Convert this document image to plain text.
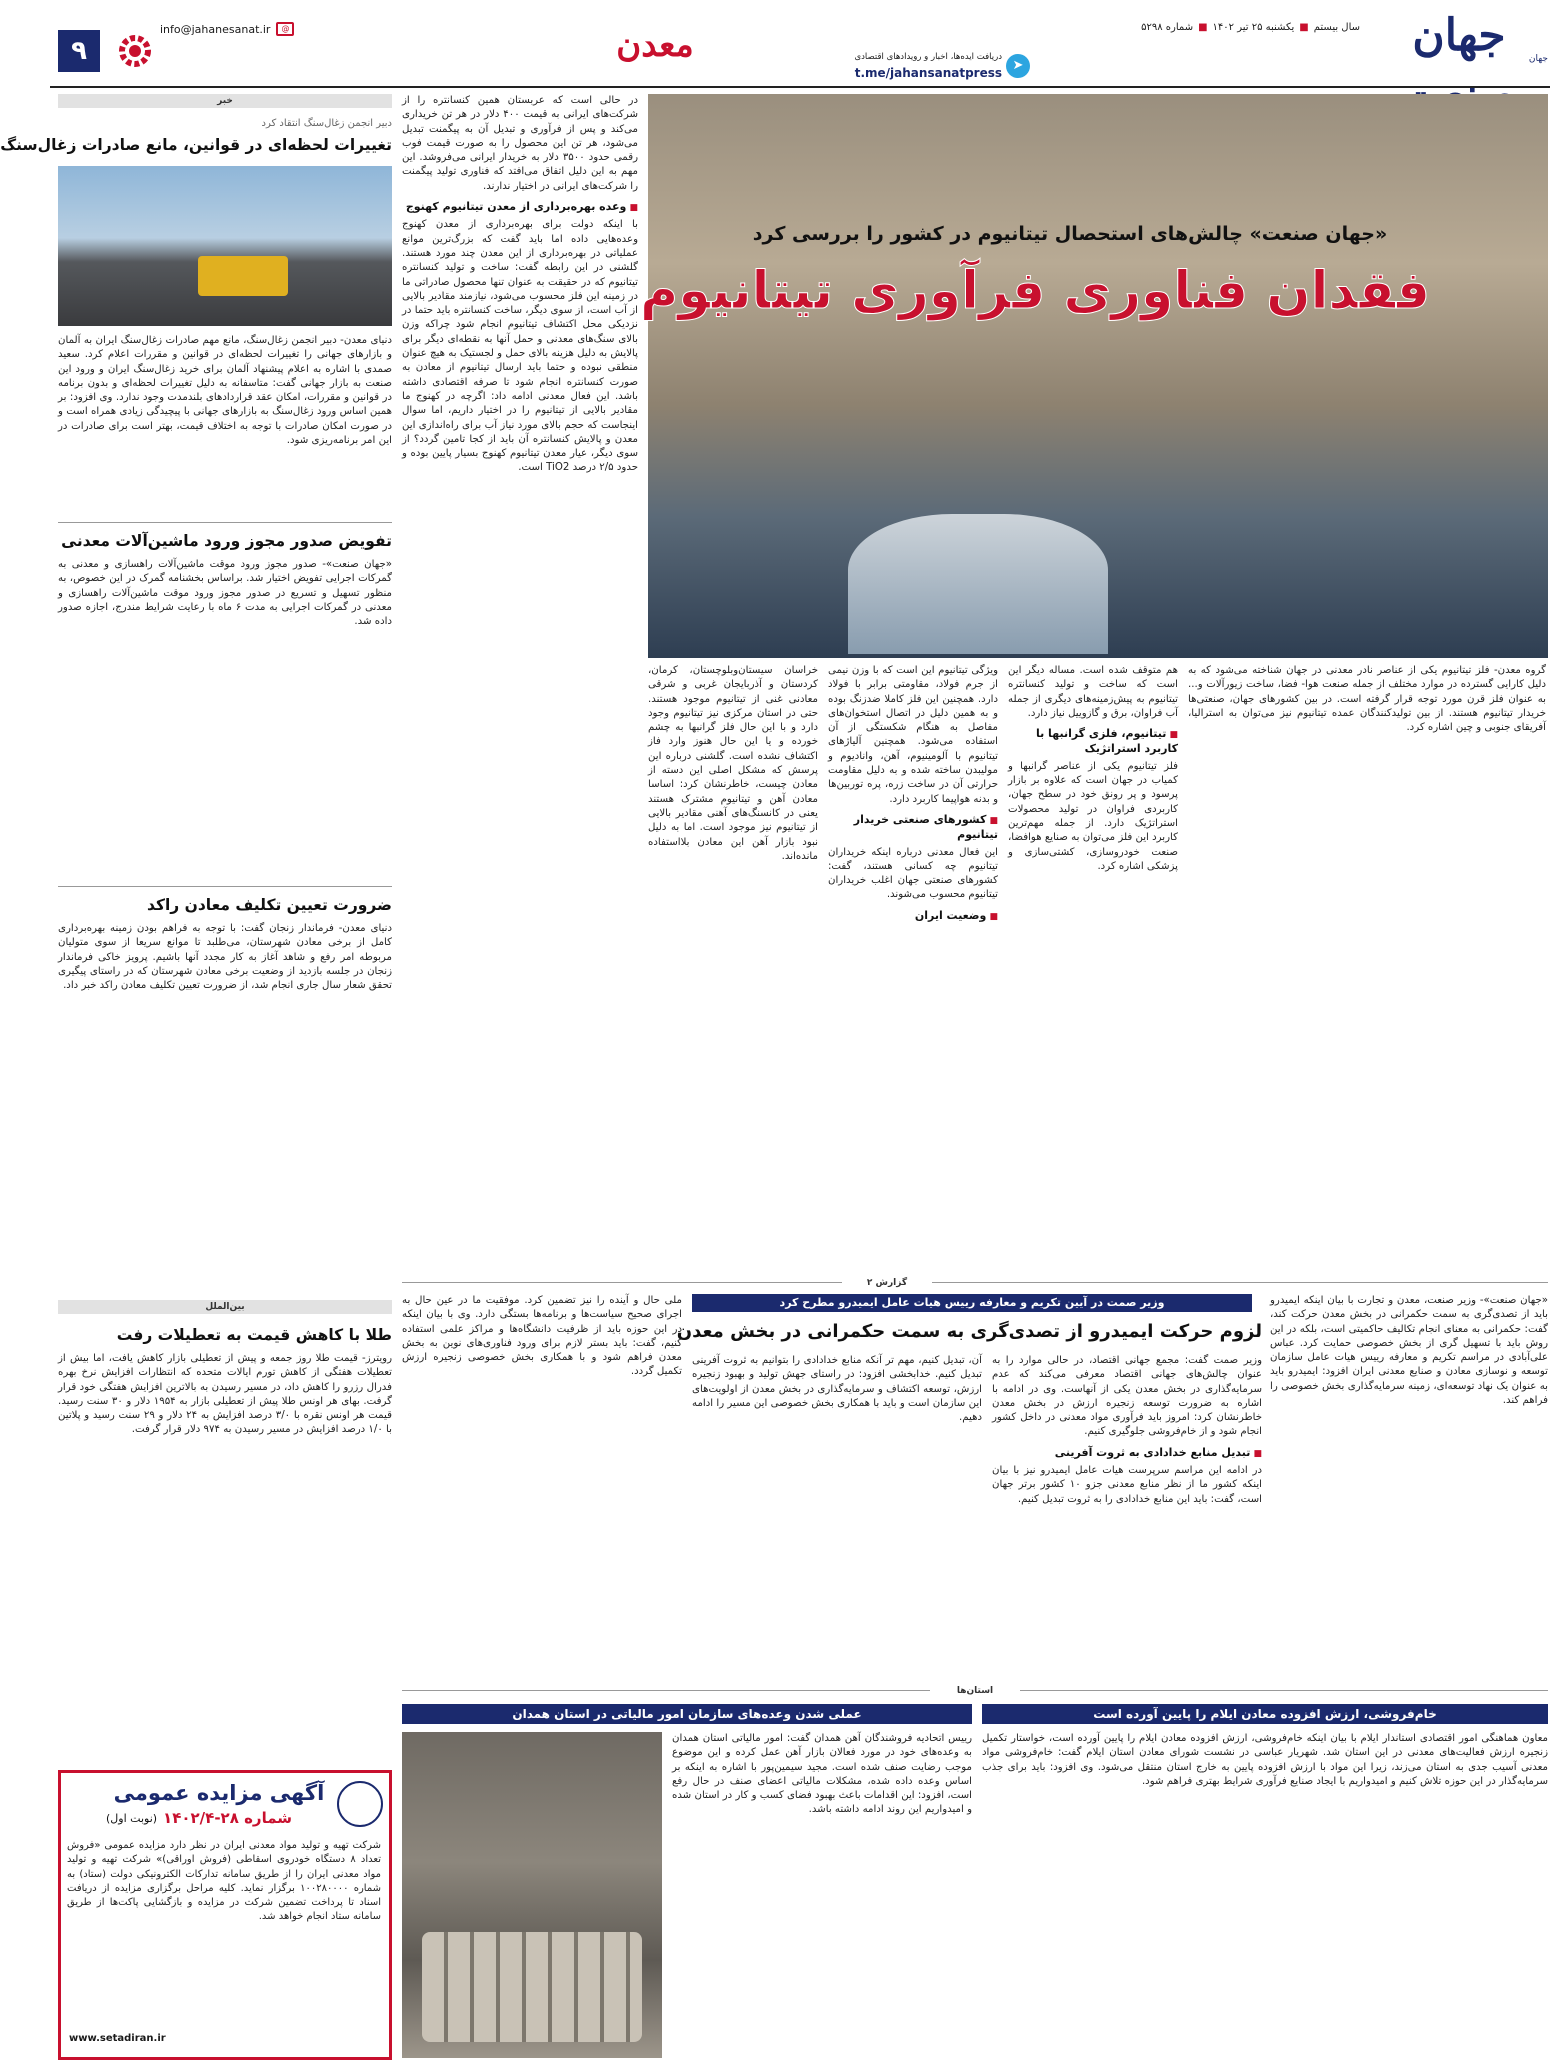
جهان	جهان
سال بیستم
■
یکشنبه ۲۵ تیر ۱۴۰۲
■
شماره ۵۲۹۸
➤
دریافت ایده‌ها، اخبار و رویدادهای اقتصادی
t.me/jahansanatpress
معدن
info@jahanesanat.ir	@
۹
«جهان صنعت» چالش‌های استحصال تیتانیوم در کشور را بررسی کرد
فقدان فناوری فرآوری تیتانیوم

در حالی است که عربستان همین کنسانتره را از شرکت‌های ایرانی به قیمت ۴۰۰ دلار در هر تن خریداری می‌کند و پس از فرآوری و تبدیل آن به پیگمنت تبدیل می‌شود، هر تن این محصول را به صورت قیمت فوب رقمی حدود ۳۵۰۰ دلار به خریدار ایرانی می‌فروشد. این مهم به این دلیل اتفاق می‌افتد که فناوری تولید پیگمنت را شرکت‌های ایرانی در اختیار ندارند.

■ وعده بهره‌برداری از معدن تیتانیوم کهنوج

با اینکه دولت برای بهره‌برداری از معدن کهنوج وعده‌هایی داده اما باید گفت که بزرگ‌ترین موانع عملیاتی در بهره‌برداری از این معدن چند مورد هستند. گلشنی در این رابطه گفت: ساخت و تولید کنسانتره تیتانیوم که در حقیقت به عنوان تنها محصول صادراتی ما در زمینه این فلز محسوب می‌شود، نیازمند مقادیر بالایی از آب است، از سوی دیگر، ساخت کنسانتره باید حتما در نزدیکی محل اکتشاف تیتانیوم انجام شود چراکه وزن بالای سنگ‌های معدنی و حمل آنها به نقطه‌ای دیگر برای پالایش به دلیل هزینه بالای حمل و لجستیک به هیچ عنوان منطقی نبوده و حتما باید ارسال تیتانیوم از معادن به صورت کنسانتره انجام شود تا صرفه اقتصادی داشته باشد. این فعال معدنی ادامه داد: اگرچه در کهنوج ما مقادیر بالایی از تیتانیوم را در اختیار داریم، اما سوال اینجاست که حجم بالای مورد نیاز آب برای راه‌اندازی این معدن و پالایش کنسانتره آن باید از کجا تامین گردد؟ از سوی دیگر، عیار معدن تیتانیوم کهنوج بسیار پایین بوده و حدود ۲/۵ درصد TiO2 است.

خراسان سیستان‌وبلوچستان، کرمان، کردستان و آذربایجان غربی و شرقی معادنی غنی از تیتانیوم موجود هستند. حتی در استان مرکزی نیز تیتانیوم وجود دارد و با این حال فلز گرانبها به چشم خورده و یا این حال هنوز وارد فاز اکتشاف نشده است. گلشنی درباره این پرسش که مشکل اصلی این دسته از معادن چیست، خاطرنشان کرد: اساسا معادن آهن و تیتانیوم مشترک هستند یعنی در کانسنگ‌های آهنی مقادیر بالایی از تیتانیوم نیز موجود است. اما به دلیل نبود بازار آهن این معادن بلااستفاده مانده‌اند.

ویژگی تیتانیوم این است که با وزن نیمی از جرم فولاد، مقاومتی برابر با فولاد دارد. همچنین این فلز کاملا ضدزنگ بوده و به همین دلیل در اتصال استخوان‌های مفاصل به هنگام شکستگی از آن استفاده می‌شود. همچنین آلیاژهای تیتانیوم با آلومینیوم، آهن، وانادیوم و مولیبدن ساخته شده و به دلیل مقاومت حرارتی آن در ساخت زره، پره توربین‌ها و بدنه هواپیما کاربرد دارد.

■ کشورهای صنعتی خریدار تیتانیوم

این فعال معدنی درباره اینکه خریداران تیتانیوم چه کسانی هستند، گفت: کشورهای صنعتی جهان اغلب خریداران تیتانیوم محسوب می‌شوند.

■ وضعیت ایران

هم متوقف شده است. مساله دیگر این است که ساخت و تولید کنسانتره تیتانیوم به پیش‌زمینه‌های دیگری از جمله آب فراوان، برق و گازوییل نیاز دارد.

■ تیتانیوم، فلزی گرانبها با کاربرد استراتژیک

فلز تیتانیوم یکی از عناصر گرانبها و کمیاب در جهان است که علاوه بر بازار پرسود و پر رونق خود در سطح جهان، کاربردی فراوان در تولید محصولات استراتژیک دارد. از جمله مهم‌ترین کاربرد این فلز می‌توان به صنایع هوافضا، صنعت خودروسازی، کشتی‌سازی و پزشکی اشاره کرد.

گروه معدن- فلز تیتانیوم یکی از عناصر نادر معدنی در جهان شناخته می‌شود که به دلیل کارایی گسترده در موارد مختلف از جمله صنعت هوا- فضا، ساخت زیورآلات و... به عنوان فلز قرن مورد توجه قرار گرفته است. در بین کشورهای جهان، صنعتی‌ها خریدار تیتانیوم هستند. از بین تولیدکنندگان عمده تیتانیوم نیز می‌توان به استرالیا، آفریقای جنوبی و چین اشاره کرد.

خبر
دبیر انجمن زغال‌سنگ انتقاد کرد
تغییرات لحظه‌ای در قوانین، مانع صادرات زغال‌سنگ
دنیای معدن- دبیر انجمن زغال‌سنگ، مانع مهم صادرات زغال‌سنگ ایران به آلمان و بازارهای جهانی را تغییرات لحظه‌ای در قوانین و مقررات اعلام کرد. سعید صمدی با اشاره به اعلام پیشنهاد آلمان برای خرید زغال‌سنگ ایران و ورود این صنعت به بازار جهانی گفت: متاسفانه به دلیل تغییرات لحظه‌ای و بدون برنامه در قوانین و مقررات، امکان عقد قراردادهای بلندمدت وجود ندارد. وی افزود: بر همین اساس ورود زغال‌سنگ به بازارهای جهانی با پیچیدگی زیادی همراه است و در صورت امکان صادرات با توجه به اختلاف قیمت، بهتر است برای صادرات در این امر برنامه‌ریزی شود.
تفویض صدور مجوز ورود ماشین‌آلات معدنی
«جهان صنعت»- صدور مجوز ورود موقت ماشین‌آلات راهسازی و معدنی به گمرکات اجرایی تفویض اختیار شد. براساس بخشنامه گمرک در این خصوص، به منظور تسهیل و تسریع در صدور مجوز ورود موقت ماشین‌آلات راهسازی و معدنی در گمرکات اجرایی به مدت ۶ ماه با رعایت شرایط مندرج، اجازه صدور داده شد.
ضرورت تعیین تکلیف معادن راکد
دنیای معدن- فرماندار زنجان گفت: با توجه به فراهم بودن زمینه بهره‌برداری کامل از برخی معادن شهرستان، می‌طلبد تا موانع سریعا از سوی متولیان مربوطه امر رفع و شاهد آغاز به کار مجدد آنها باشیم. پرویز خاکی فرماندار زنجان در جلسه بازدید از وضعیت برخی معادن شهرستان که در راستای پیگیری تحقق شعار سال جاری انجام شد، از ضرورت تعیین تکلیف معادن راکد خبر داد.
بین‌الملل
طلا با کاهش قیمت به تعطیلات رفت
رویترز- قیمت طلا روز جمعه و پیش از تعطیلی بازار کاهش یافت، اما بیش از تعطیلات هفتگی از کاهش تورم ایالات متحده که انتظارات افزایش نرخ بهره فدرال رزرو را کاهش داد، در مسیر رسیدن به بالاترین افزایش هفتگی خود قرار گرفت. بهای هر اونس طلا پیش از تعطیلی بازار به ۱۹۵۴ دلار و ۳۰ سنت رسید. قیمت هر اونس نقره با ۳/۰ درصد افزایش به ۲۴ دلار و ۲۹ سنت رسید و پلاتین با ۱/۰ درصد افزایش در مسیر رسیدن به ۹۷۴ دلار قرار گرفت.
آگهی مزایده عمومی
شماره ۲۸-۱۴۰۲/۴
(نوبت اول)
شرکت تهیه و تولید مواد معدنی ایران در نظر دارد مزایده عمومی «فروش تعداد ۸ دستگاه خودروی اسقاطی (فروش اوراقی)» شرکت تهیه و تولید مواد معدنی ایران را از طریق سامانه تدارکات الکترونیکی دولت (ستاد) به شماره ۱۰۰۲۸۰۰۰۰ برگزار نماید. کلیه مراحل برگزاری مزایده از دریافت اسناد تا پرداخت تضمین شرکت در مزایده و بازگشایی پاکت‌ها از طریق سامانه ستاد انجام خواهد شد.
www.setadiran.ir
گزارش ۲
وزیر صمت در آیین تکریم و معارفه رییس هیات عامل ایمیدرو مطرح کرد
لزوم حرکت ایمیدرو از تصدی‌گری به سمت حکمرانی در بخش معدن
«جهان صنعت»- وزیر صنعت، معدن و تجارت با بیان اینکه ایمیدرو باید از تصدی‌گری به سمت حکمرانی در بخش معدن حرکت کند، گفت: حکمرانی به معنای انجام تکالیف حاکمیتی است، بلکه در این روش باید با تسهیل گری از بخش خصوصی حمایت کرد. عباس علی‌آبادی در مراسم تکریم و معارفه رییس هیات عامل سازمان توسعه و نوسازی معادن و صنایع معدنی ایران افزود: ایمیدرو باید به عنوان یک نهاد توسعه‌ای، زمینه سرمایه‌گذاری بخش خصوصی را فراهم کند.

وزیر صمت گفت: مجمع جهانی اقتصاد، در حالی موارد را به عنوان چالش‌های جهانی اقتصاد معرفی می‌کند که عدم سرمایه‌گذاری در بخش معدن یکی از آنهاست. وی در ادامه با اشاره به ضرورت توسعه زنجیره ارزش در بخش معدن خاطرنشان کرد: امروز باید فرآوری مواد معدنی در داخل کشور انجام شود و از خام‌فروشی جلوگیری کنیم.

■ تبدیل منابع خدادادی به ثروت آفرینی

در ادامه این مراسم سرپرست هیات عامل ایمیدرو نیز با بیان اینکه کشور ما از نظر منابع معدنی جزو ۱۰ کشور برتر جهان است، گفت: باید این منابع خدادادی را به ثروت تبدیل کنیم.

آن، تبدیل کنیم، مهم تر آنکه منابع خدادادی را بتوانیم به ثروت آفرینی تبدیل کنیم. خدابخشی افزود: در راستای جهش تولید و بهبود زنجیره ارزش، توسعه اکتشاف و سرمایه‌گذاری در بخش معدن از اولویت‌های این سازمان است و باید با همکاری بخش خصوصی این مسیر را ادامه دهیم.
ملی حال و آینده را نیز تضمین کرد. موفقیت ما در عین حال به اجرای صحیح سیاست‌ها و برنامه‌ها بستگی دارد. وی با بیان اینکه در این حوزه باید از ظرفیت دانشگاه‌ها و مراکز علمی استفاده کنیم، گفت: باید بستر لازم برای ورود فناوری‌های نوین به بخش معدن فراهم شود و با همکاری بخش خصوصی زنجیره ارزش تکمیل گردد.
استان‌ها
خام‌فروشی، ارزش افزوده معادن ایلام را پایین آورده است
معاون هماهنگی امور اقتصادی استاندار ایلام با بیان اینکه خام‌فروشی، ارزش افزوده معادن ایلام را پایین آورده است، خواستار تکمیل زنجیره ارزش فعالیت‌های معدنی در این استان شد. شهریار عباسی در نشست شورای معادن استان ایلام گفت: خام‌فروشی مواد معدنی آسیب جدی به استان می‌زند، زیرا این مواد با ارزش افزوده پایین به خارج استان منتقل می‌شود. وی افزود: باید برای جذب سرمایه‌گذار در این حوزه تلاش کنیم و امیدواریم با ایجاد صنایع فرآوری شرایط بهتری فراهم شود.
عملی شدن وعده‌های سازمان امور مالیاتی در استان همدان
رییس اتحادیه فروشندگان آهن همدان گفت: امور مالیاتی استان همدان به وعده‌های خود در مورد فعالان بازار آهن عمل کرده و این موضوع موجب رضایت صنف شده است. مجید سیمین‌پور با اشاره به اینکه بر اساس وعده داده شده، مشکلات مالیاتی اعضای صنف در حال رفع است، افزود: این اقدامات باعث بهبود فضای کسب و کار در استان شده و امیدواریم این روند ادامه داشته باشد.
